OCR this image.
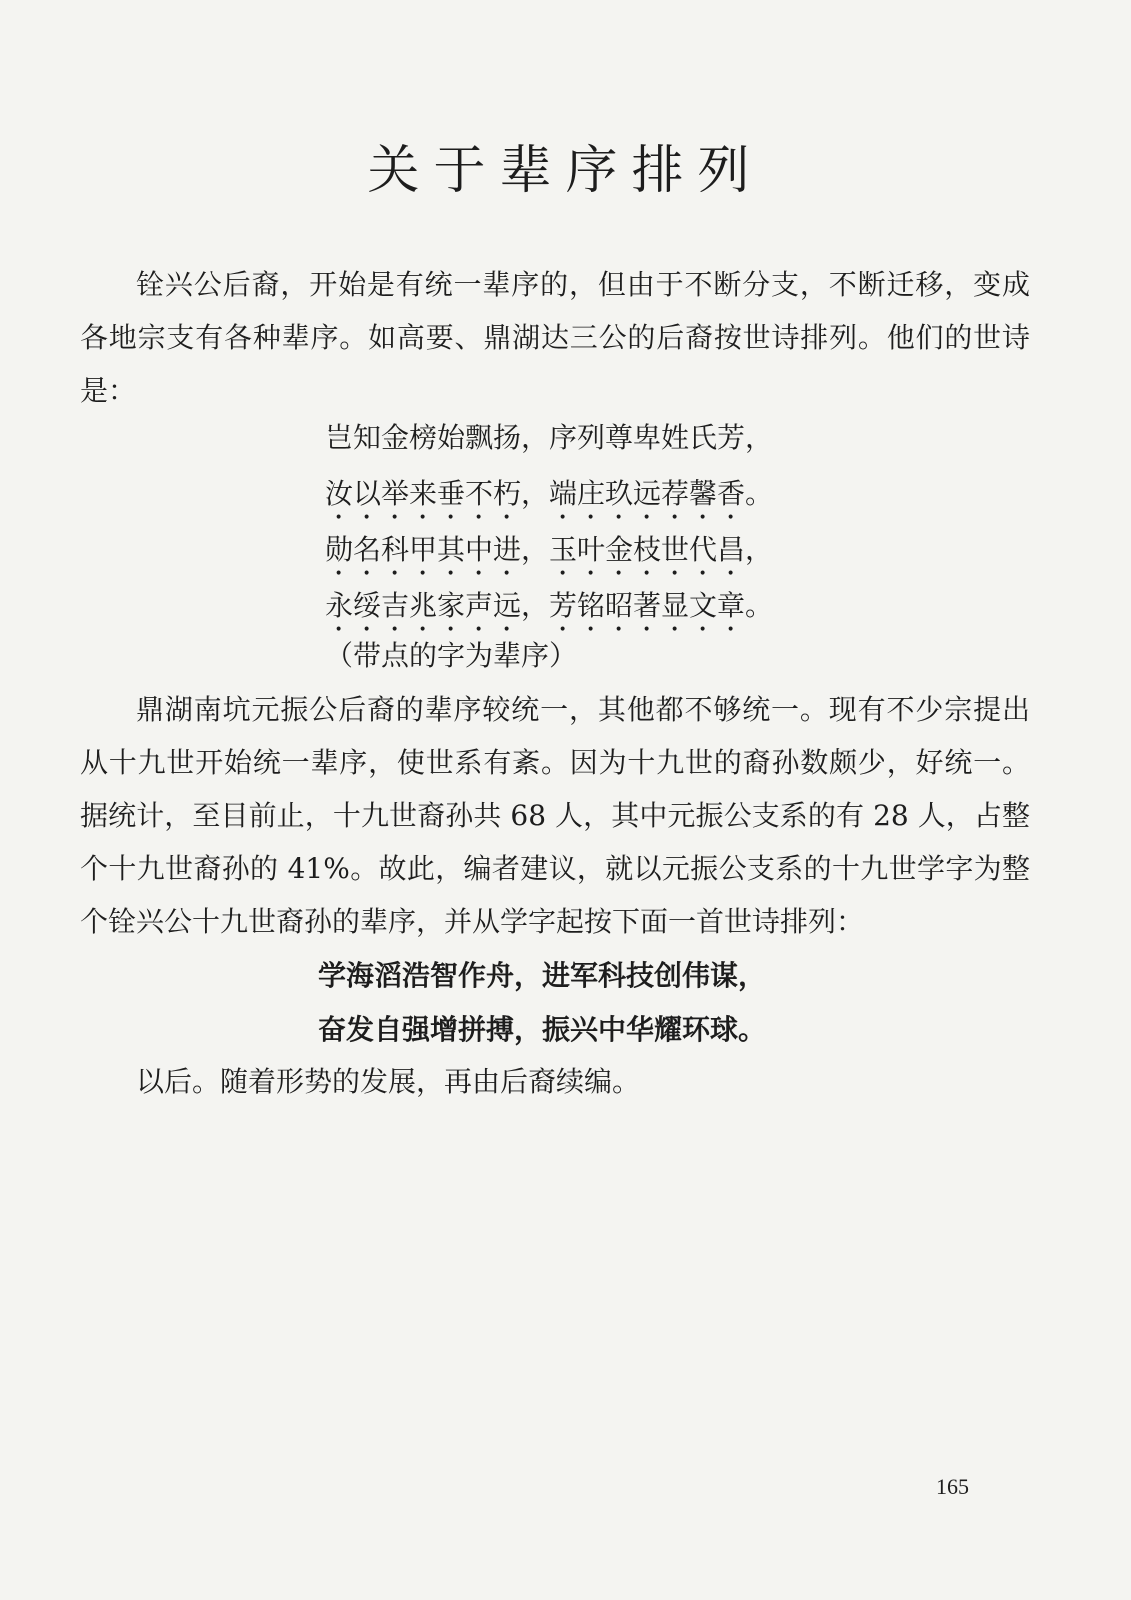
关于辈序排列

铨兴公后裔，开始是有统一辈序的，但由于不断分支，不断迁移，变成各地宗支有各种辈序。如高要、鼎湖达三公的后裔按世诗排列。他们的世诗是：

岂知金榜始飘扬，序列尊卑姓氏芳，

汝以举来垂不朽，端庄玖远荐馨香。

勋名科甲其中进，玉叶金枝世代昌，

永绥吉兆家声远，芳铭昭著显文章。

（带点的字为辈序）

鼎湖南坑元振公后裔的辈序较统一，其他都不够统一。现有不少宗提出从十九世开始统一辈序，使世系有紊。因为十九世的裔孙数颇少，好统一。据统计，至目前止，十九世裔孙共 68 人，其中元振公支系的有 28 人，占整个十九世裔孙的 41%。故此，编者建议，就以元振公支系的十九世学字为整个铨兴公十九世裔孙的辈序，并从学字起按下面一首世诗排列：

学海滔浩智作舟，进军科技创伟谋，

奋发自强增拼搏，振兴中华耀环球。

以后。随着形势的发展，再由后裔续编。

165
